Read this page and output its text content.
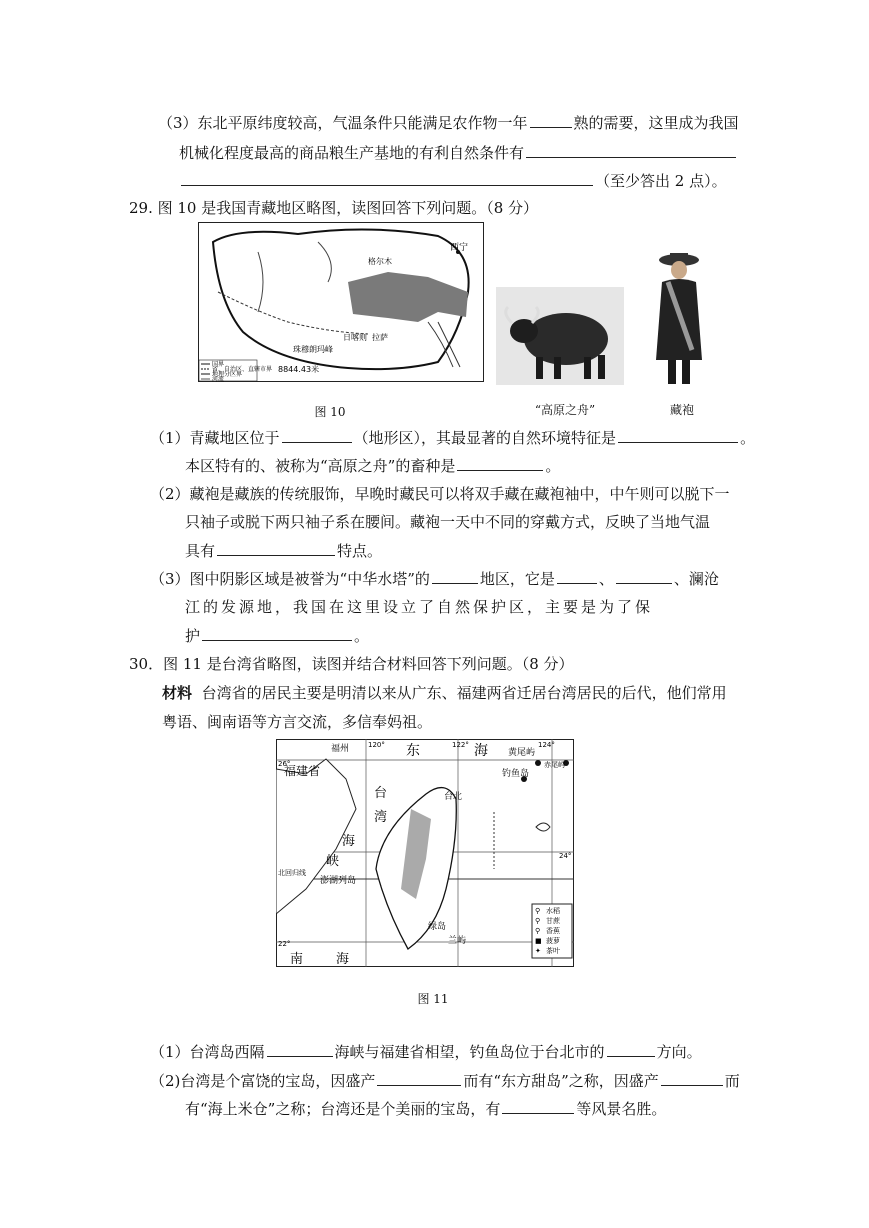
（3）东北平原纬度较高，气温条件只能满足农作物一年	熟的需要，这里成为我国
机械化程度最高的商品粮生产基地的有利自然条件有
（至少答出 2 点）。
29. 图 10 是我国青藏地区略图，读图回答下列问题。（8 分）
西宁
格尔木
日喀则 拉萨
珠穆朗玛峰
8844.43米
国界
省、自治区、直辖市界
地理分区界
河流
图 10	“高原之舟”	藏袍
（1）青藏地区位于	（地形区），其最显著的自然环境特征是	。
本区特有的、被称为“高原之舟”的畜种是	。
（2）藏袍是藏族的传统服饰，早晚时藏民可以将双手藏在藏袍袖中，中午则可以脱下一
只袖子或脱下两只袖子系在腰间。藏袍一天中不同的穿戴方式，反映了当地气温
具有	特点。
（3）图中阴影区域是被誉为“中华水塔”的	地区，它是	、	、澜沧
江的发源地，我国在这里设立了自然保护区，主要是为了保
护	。
30．图 11 是台湾省略图，读图并结合材料回答下列问题。（8 分）
材料 台湾省的居民主要是明清以来从广东、福建两省迁居台湾居民的后代，他们常用
粤语、闽南语等方言交流，多信奉妈祖。
福州
福建省
东	海 黄尾屿
赤尾屿
钓鱼岛
台
湾
海
峡
台北
北回归线
澎湖列岛
绿岛
兰屿
南	海
120°	122°	124°
26°
24°
22°
水稻
甘蔗
香蕉
菠萝
茶叶
⚲
⚲
⚲
■
✦
图 11
（1）台湾岛西隔	海峡与福建省相望，钓鱼岛位于台北市的	方向。
（2)台湾是个富饶的宝岛，因盛产	而有“东方甜岛”之称，因盛产	而
有“海上米仓”之称；台湾还是个美丽的宝岛，有	等风景名胜。
